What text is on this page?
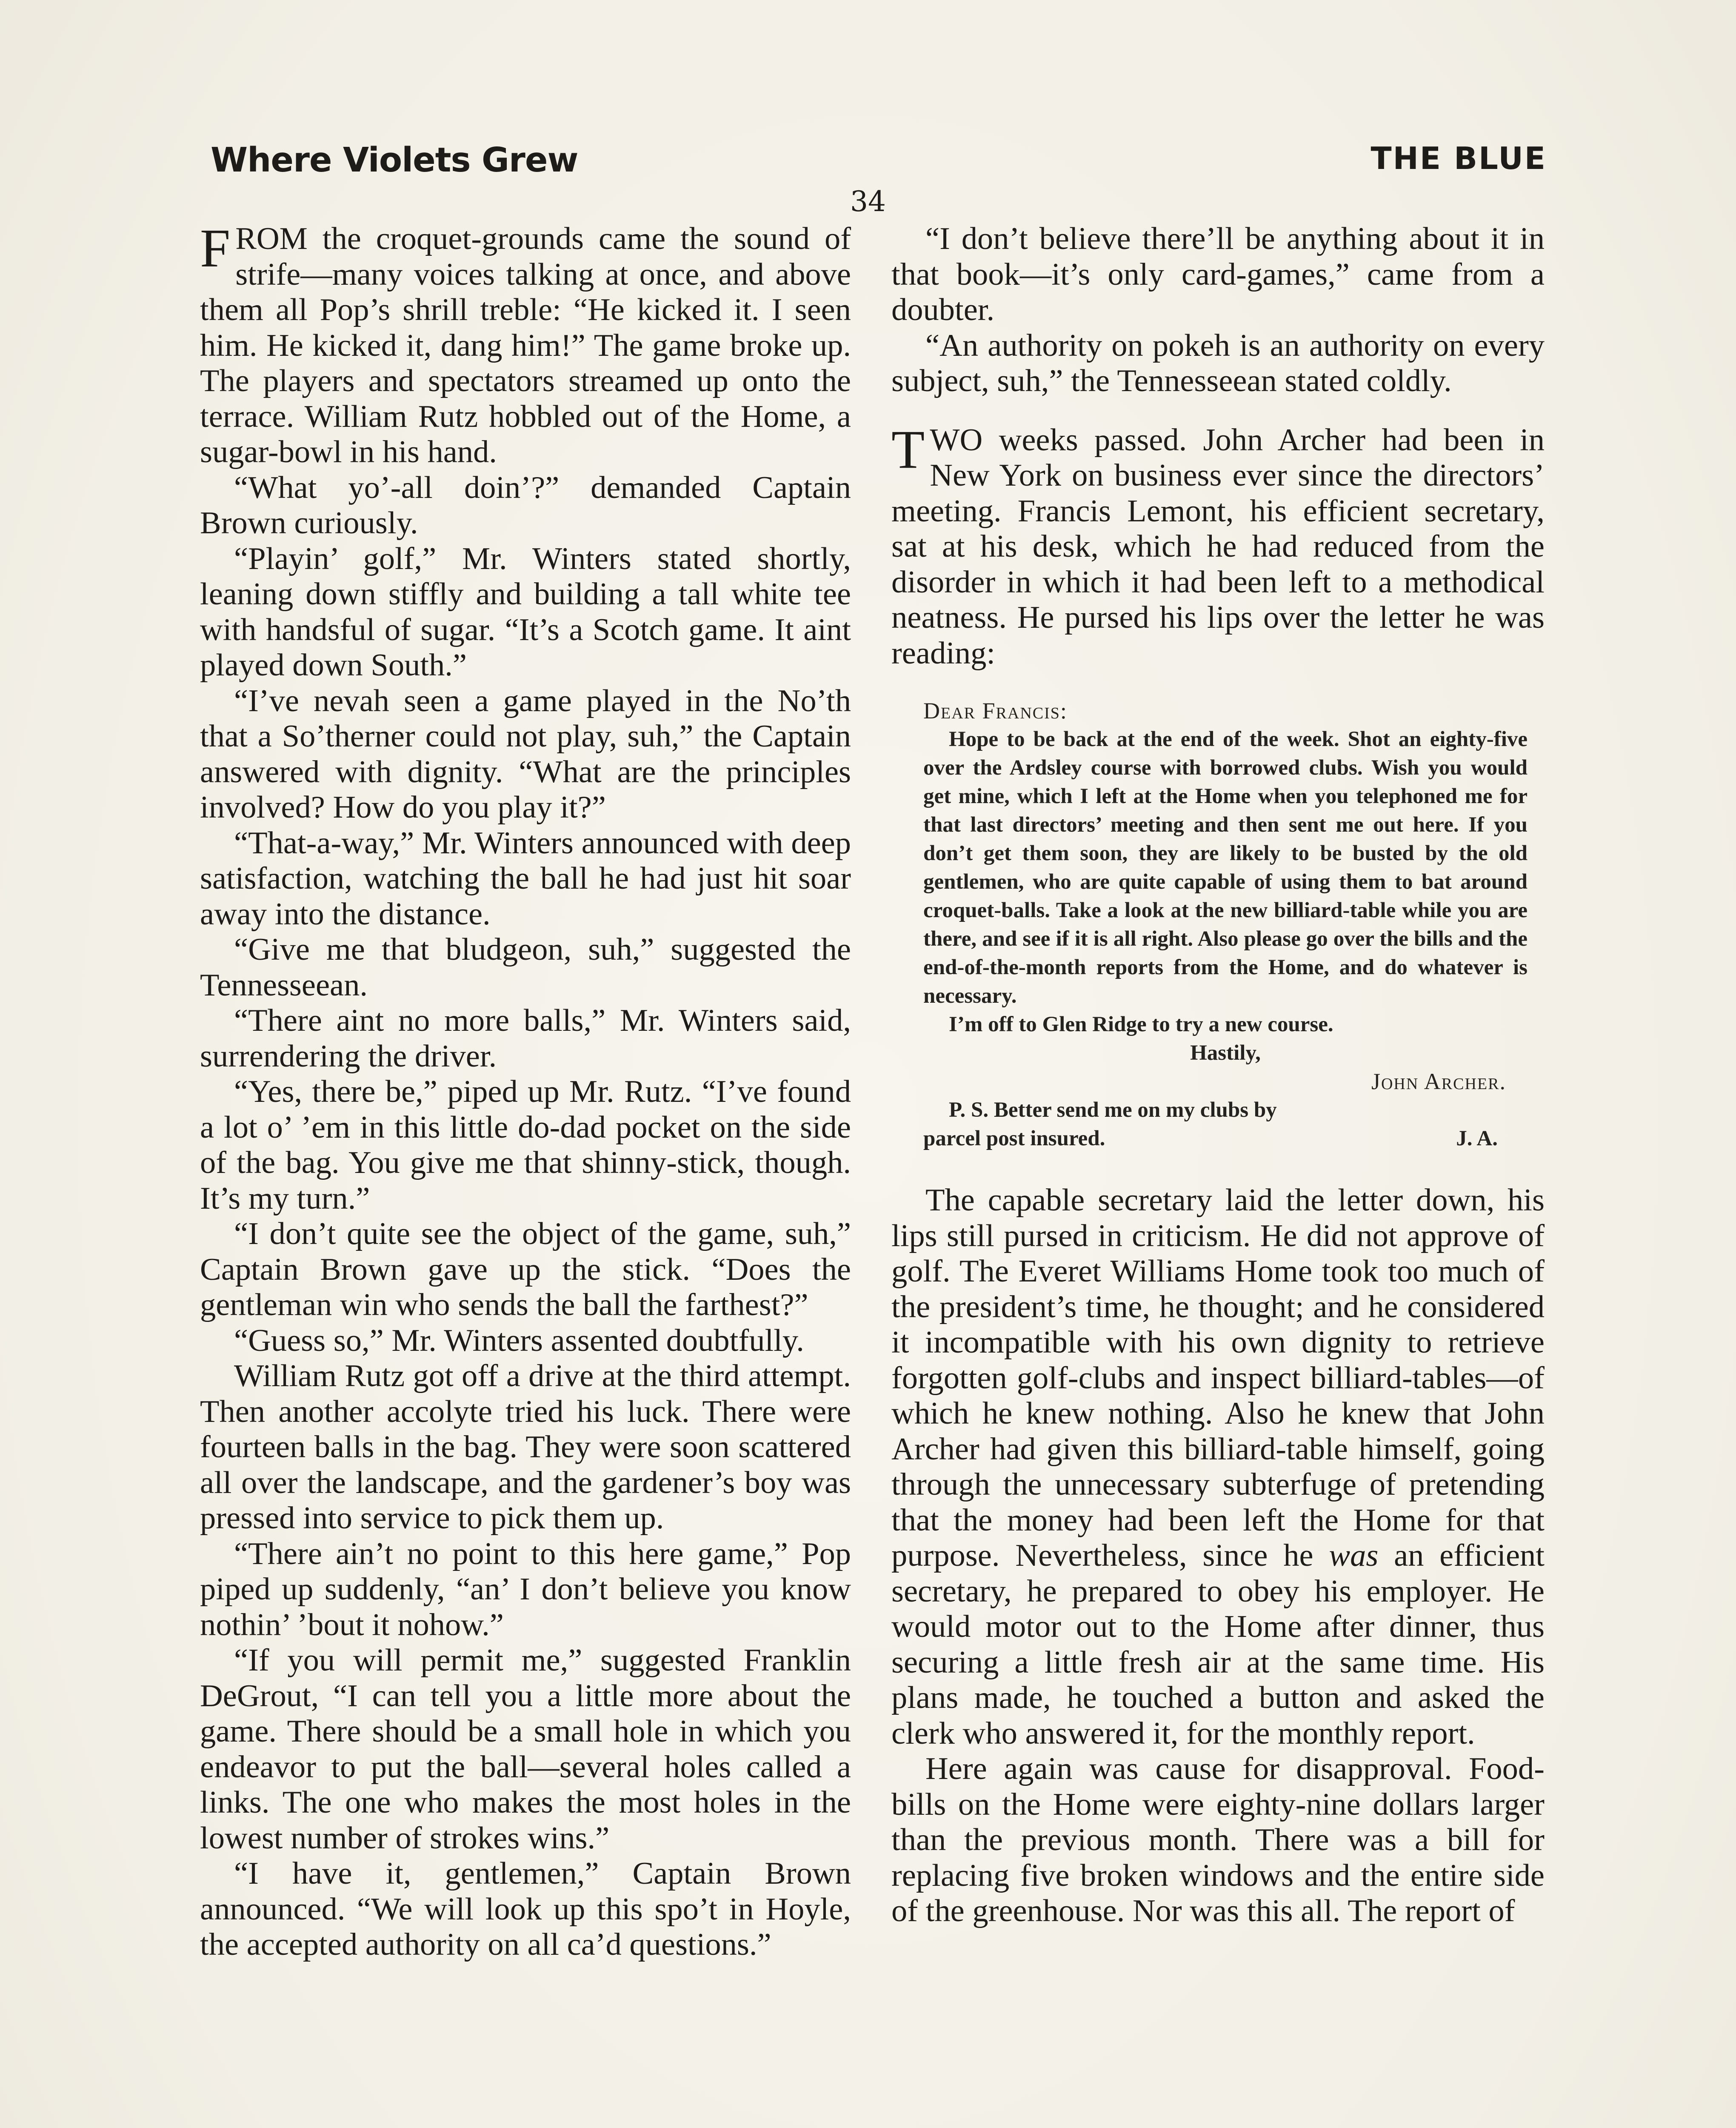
Where Violets Grew	THE BLUE
34

FROM the croquet-grounds came the sound of strife—many voices talking at once, and above them all Pop’s shrill treble: “He kicked it. I seen him. He kicked it, dang him!” The game broke up. The players and spectators streamed up onto the terrace. William Rutz hobbled out of the Home, a sugar-bowl in his hand.

“What yo’-all doin’?” demanded Captain Brown curiously.

“Playin’ golf,” Mr. Winters stated shortly, leaning down stiffly and building a tall white tee with handsful of sugar. “It’s a Scotch game. It aint played down South.”

“I’ve nevah seen a game played in the No’th that a So’therner could not play, suh,” the Captain answered with dignity. “What are the principles involved? How do you play it?”

“That-a-way,” Mr. Winters announced with deep satisfaction, watching the ball he had just hit soar away into the distance.

“Give me that bludgeon, suh,” suggested the Tennesseean.

“There aint no more balls,” Mr. Winters said, surrendering the driver.

“Yes, there be,” piped up Mr. Rutz. “I’ve found a lot o’ ’em in this little do-dad pocket on the side of the bag. You give me that shinny-stick, though. It’s my turn.”

“I don’t quite see the object of the game, suh,” Captain Brown gave up the stick. “Does the gentleman win who sends the ball the farthest?”

“Guess so,” Mr. Winters assented doubtfully.

William Rutz got off a drive at the third attempt. Then another accolyte tried his luck. There were fourteen balls in the bag. They were soon scattered all over the landscape, and the gardener’s boy was pressed into service to pick them up.

“There ain’t no point to this here game,” Pop piped up suddenly, “an’ I don’t believe you know nothin’ ’bout it nohow.”

“If you will permit me,” suggested Franklin DeGrout, “I can tell you a little more about the game. There should be a small hole in which you endeavor to put the ball—several holes called a links. The one who makes the most holes in the lowest number of strokes wins.”

“I have it, gentlemen,” Captain Brown announced. “We will look up this spo’t in Hoyle, the accepted authority on all ca’d questions.”

“I don’t believe there’ll be anything about it in that book—it’s only card-games,” came from a doubter.

“An authority on pokeh is an authority on every subject, suh,” the Tennesseean stated coldly.

TWO weeks passed. John Archer had been in New York on business ever since the directors’ meeting. Francis Lemont, his efficient secretary, sat at his desk, which he had reduced from the disorder in which it had been left to a methodical neatness. He pursed his lips over the letter he was reading:

Dear Francis:

Hope to be back at the end of the week. Shot an eighty-five over the Ardsley course with borrowed clubs. Wish you would get mine, which I left at the Home when you telephoned me for that last directors’ meeting and then sent me out here. If you don’t get them soon, they are likely to be busted by the old gentlemen, who are quite capable of using them to bat around croquet-balls. Take a look at the new billiard-table while you are there, and see if it is all right. Also please go over the bills and the end-of-the-month reports from the Home, and do whatever is necessary.

I’m off to Glen Ridge to try a new course.

Hastily,

John Archer.

P. S. Better send me on my clubs by

parcel post insured.	J. A.

The capable secretary laid the letter down, his lips still pursed in criticism. He did not approve of golf. The Everet Williams Home took too much of the president’s time, he thought; and he considered it incompatible with his own dignity to retrieve forgotten golf-clubs and inspect billiard-tables—of which he knew nothing. Also he knew that John Archer had given this billiard-table himself, going through the unnecessary subterfuge of pretending that the money had been left the Home for that purpose. Nevertheless, since he was an efficient secretary, he prepared to obey his employer. He would motor out to the Home after dinner, thus securing a little fresh air at the same time. His plans made, he touched a button and asked the clerk who answered it, for the monthly report.

Here again was cause for disapproval. Food-bills on the Home were eighty-nine dollars larger than the previous month. There was a bill for replacing five broken windows and the entire side of the greenhouse. Nor was this all. The report of
